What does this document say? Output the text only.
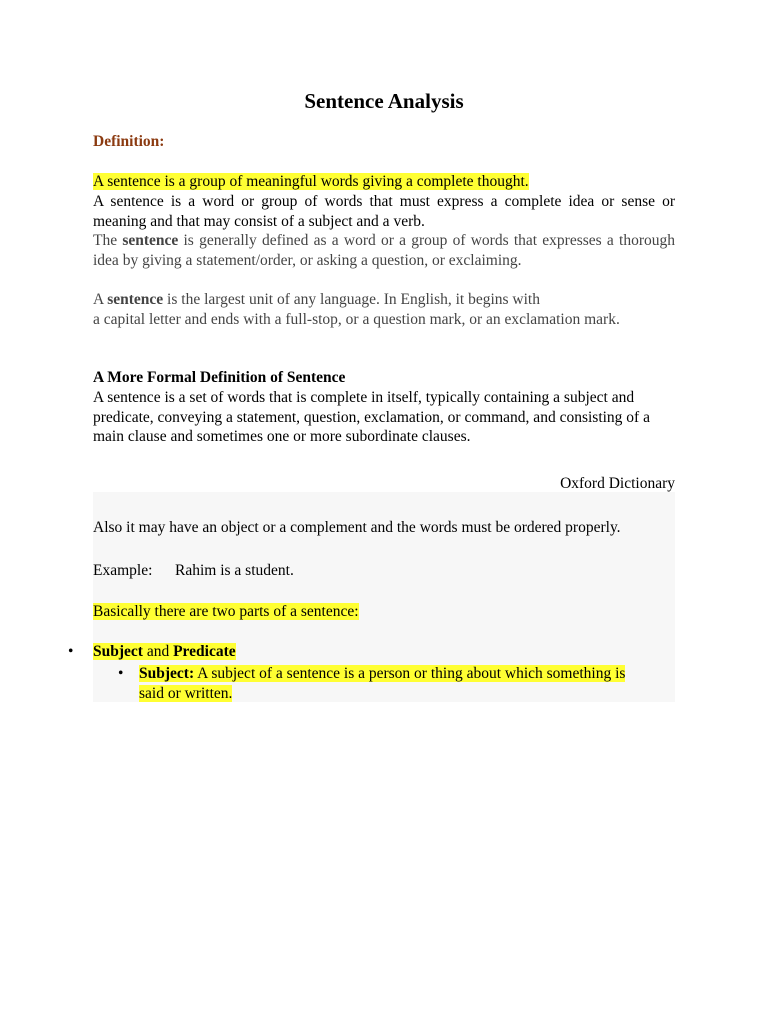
Sentence Analysis
Definition:
A sentence is a group of meaningful words giving a complete thought.
A sentence is a word or group of words that must express a complete idea or sense or meaning and that may consist of a subject and a verb.
The sentence is generally defined as a word or a group of words that expresses a thorough idea by giving a statement/order, or asking a question, or exclaiming.
A sentence is the largest unit of any language. In English, it begins with
a capital letter and ends with a full-stop, or a question mark, or an exclamation mark.
A More Formal Definition of Sentence
A sentence is a set of words that is complete in itself, typically containing a subject and predicate, conveying a statement, question, exclamation, or command, and consisting of a main clause and sometimes one or more subordinate clauses.
Oxford Dictionary
Also it may have an object or a complement and the words must be ordered properly.
Example: Rahim is a student.
Basically there are two parts of a sentence:
• Subject and Predicate
• Subject: A subject of a sentence is a person or thing about which something is said or written.
